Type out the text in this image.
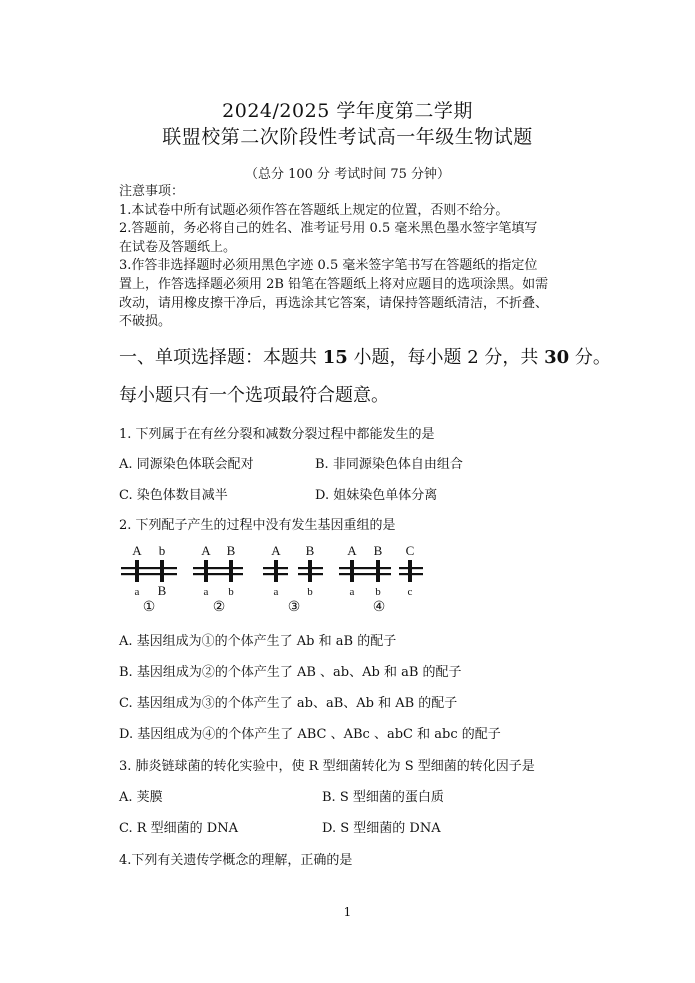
2024/2025 学年度第二学期
联盟校第二次阶段性考试高一年级生物试题
（总分 100 分 考试时间 75 分钟）
注意事项：
1.本试卷中所有试题必须作答在答题纸上规定的位置，否则不给分。
2.答题前，务必将自己的姓名、准考证号用 0.5 毫米黑色墨水签字笔填写
在试卷及答题纸上。
3.作答非选择题时必须用黑色字迹 0.5 毫米签字笔书写在答题纸的指定位
置上，作答选择题必须用 2B 铅笔在答题纸上将对应题目的选项涂黑。如需
改动，请用橡皮擦干净后，再选涂其它答案，请保持答题纸清洁，不折叠、
不破损。
一、单项选择题：本题共 15 小题，每小题 2 分，共 30 分。
每小题只有一个选项最符合题意。
1. 下列属于在有丝分裂和减数分裂过程中都能发生的是
A. 同源染色体联会配对	B. 非同源染色体自由组合
C. 染色体数目减半	D. 姐妹染色单体分离
2. 下列配子产生的过程中没有发生基因重组的是
A b
a B
①
A B
a b
②
A B
a	b
③
A B C
a b c
④
A. 基因组成为①的个体产生了 Ab 和 aB 的配子
B. 基因组成为②的个体产生了 AB 、ab、Ab 和 aB 的配子
C. 基因组成为③的个体产生了 ab、aB、Ab 和 AB 的配子
D. 基因组成为④的个体产生了 ABC 、ABc 、abC 和 abc 的配子
3. 肺炎链球菌的转化实验中，使 R 型细菌转化为 S 型细菌的转化因子是
A. 荚膜	B. S 型细菌的蛋白质
C. R 型细菌的 DNA	D. S 型细菌的 DNA
4.下列有关遗传学概念的理解，正确的是
1
